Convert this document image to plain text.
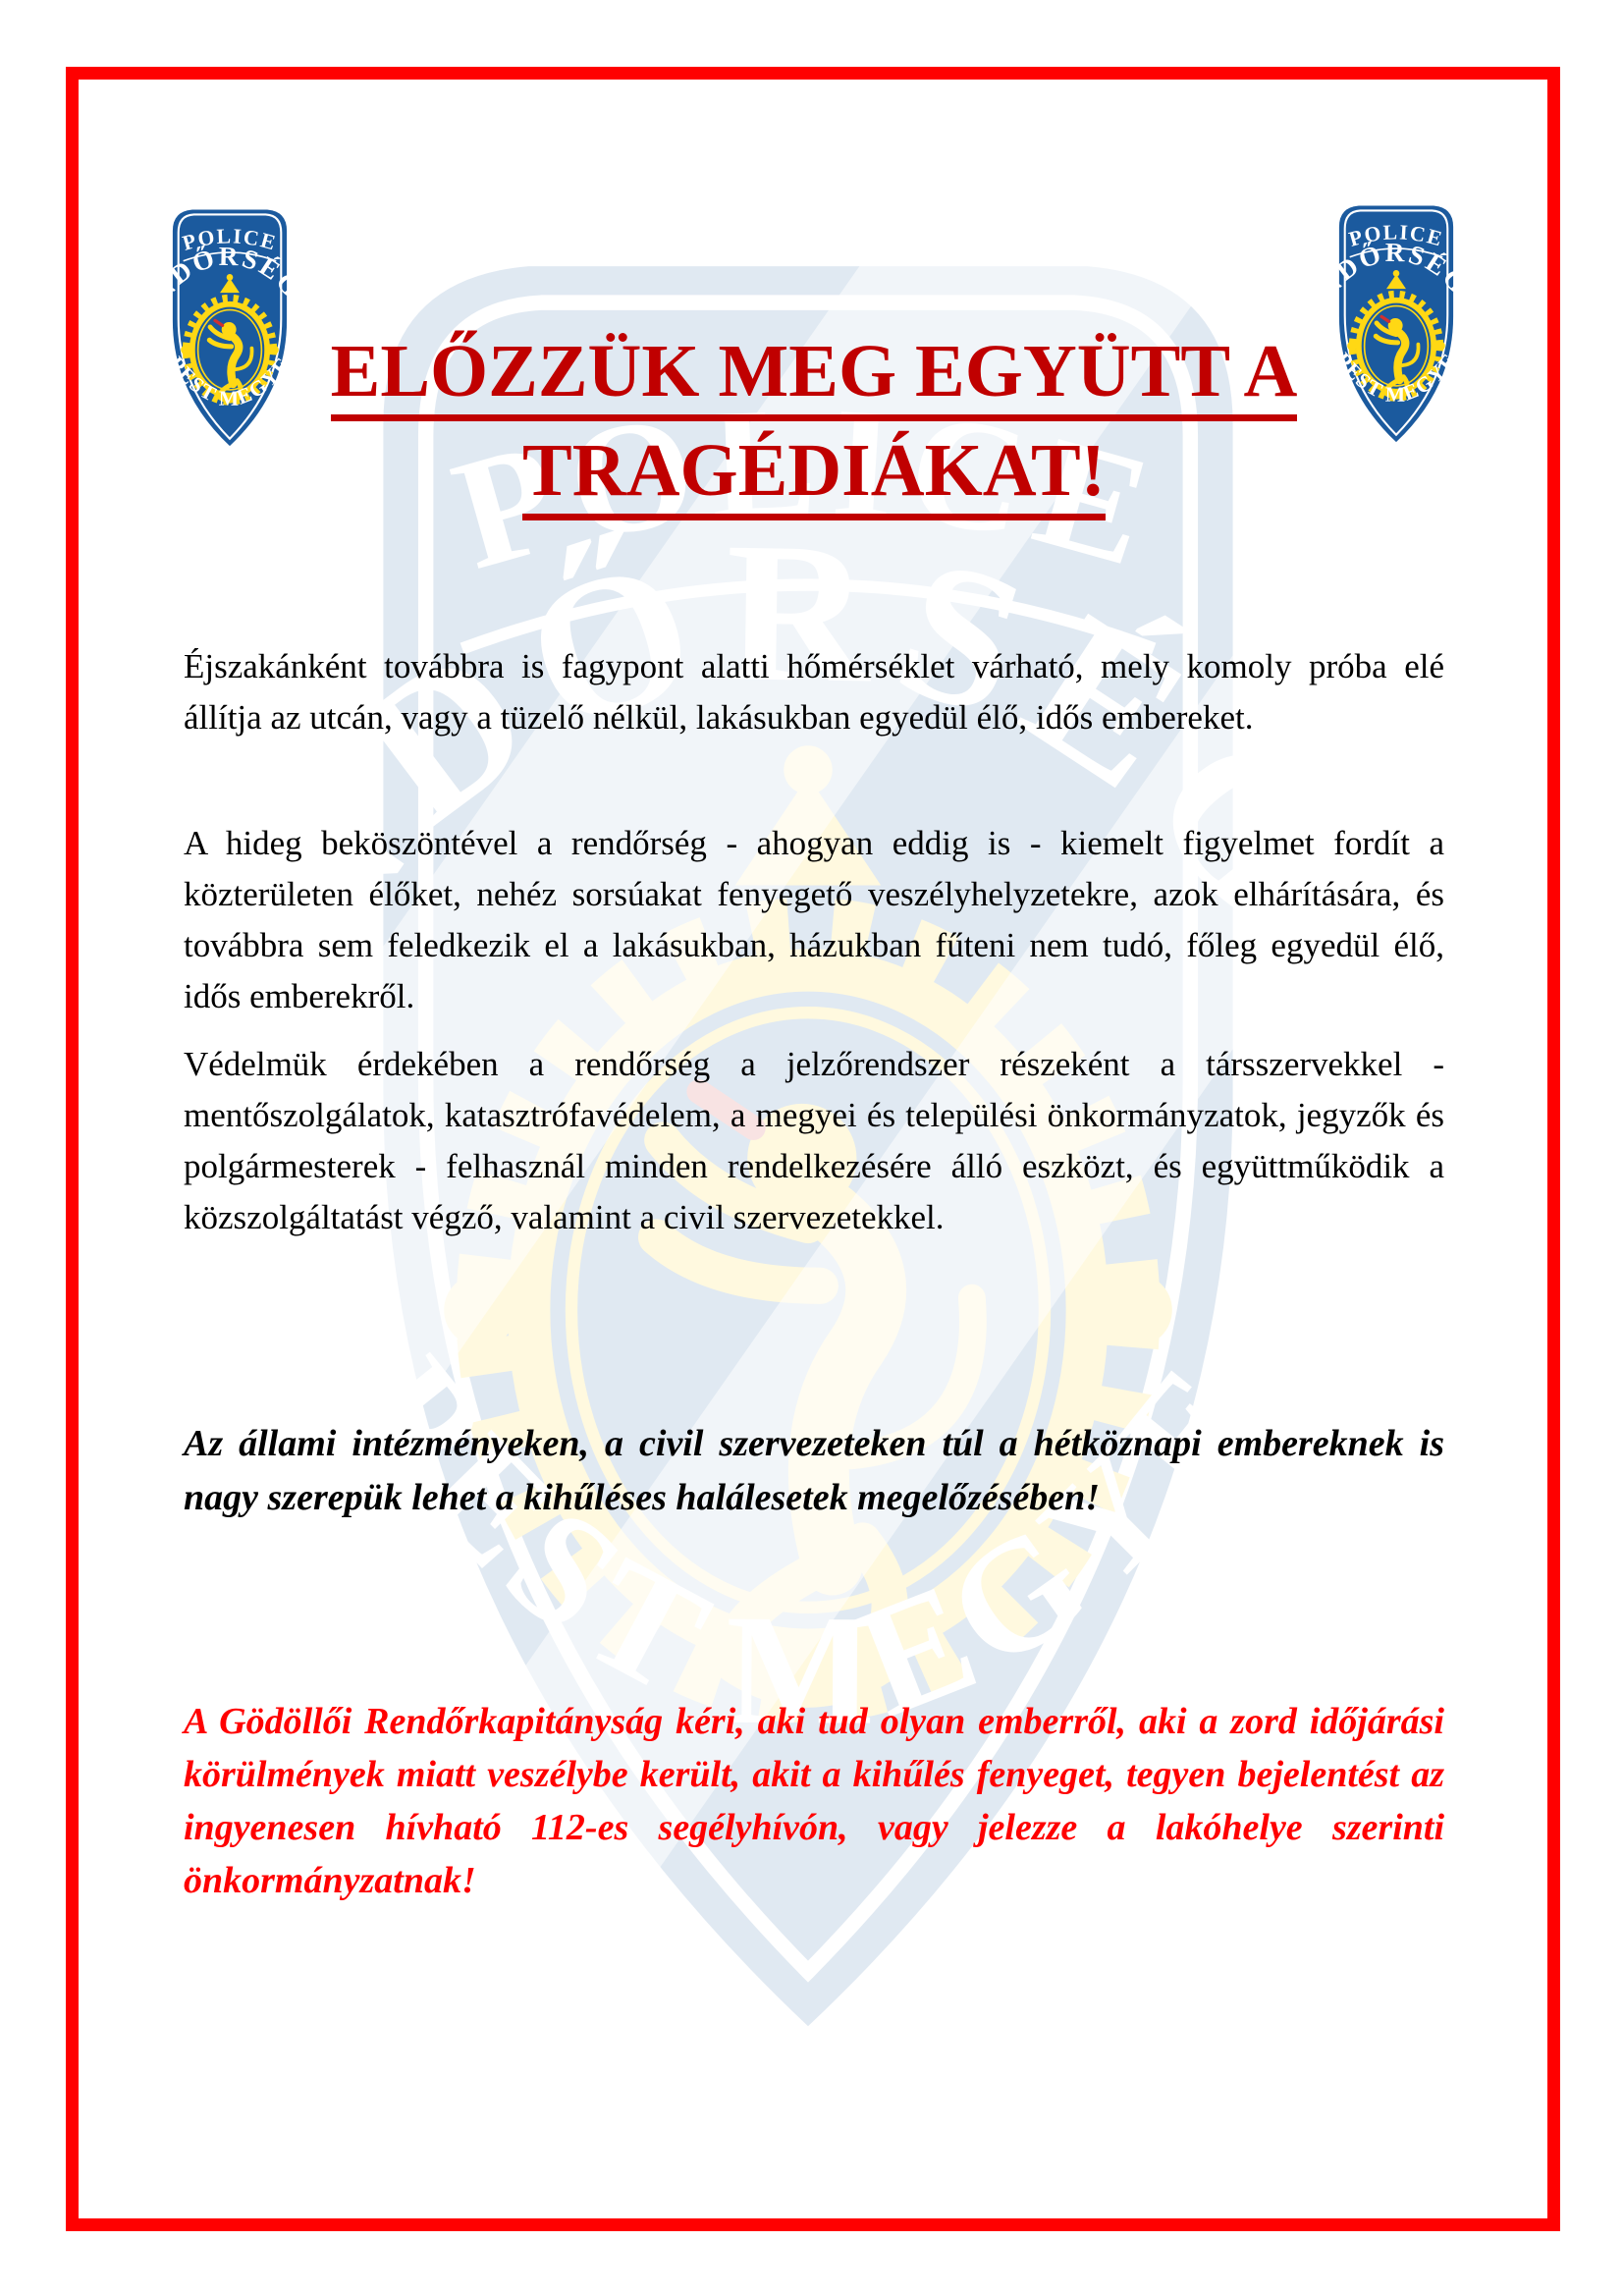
ELŐZZÜK MEG EGYÜTT A
TRAGÉDIÁKAT!

Éjszakánként továbbra is fagypont alatti hőmérséklet várható, mely komoly próba elé állítja az utcán, vagy a tüzelő nélkül, lakásukban egyedül élő, idős embereket.

A hideg beköszöntével a rendőrség - ahogyan eddig is - kiemelt figyelmet fordít a közterületen élőket, nehéz sorsúakat fenyegető veszélyhelyzetekre, azok elhárítására, és továbbra sem feledkezik el a lakásukban, házukban fűteni nem tudó, főleg egyedül élő, idős emberekről.

Védelmük érdekében a rendőrség a jelzőrendszer részeként a társszervekkel - mentőszolgálatok, katasztrófavédelem, a megyei és települési önkormányzatok, jegyzők és polgármesterek - felhasznál minden rendelkezésére álló eszközt, és együttműködik a közszolgáltatást végző, valamint a civil szervezetekkel.

Az állami intézményeken, a civil szervezeteken túl a hétköznapi embereknek is nagy szerepük lehet a kihűléses halálesetek megelőzésében!

A Gödöllői Rendőrkapitányság kéri, aki tud olyan emberről, aki a zord időjárási körülmények miatt veszélybe került, akit a kihűlés fenyeget, tegyen bejelentést az ingyenesen hívható 112-es segélyhívón, vagy jelezze a lakóhelye szerinti önkormányzatnak!
